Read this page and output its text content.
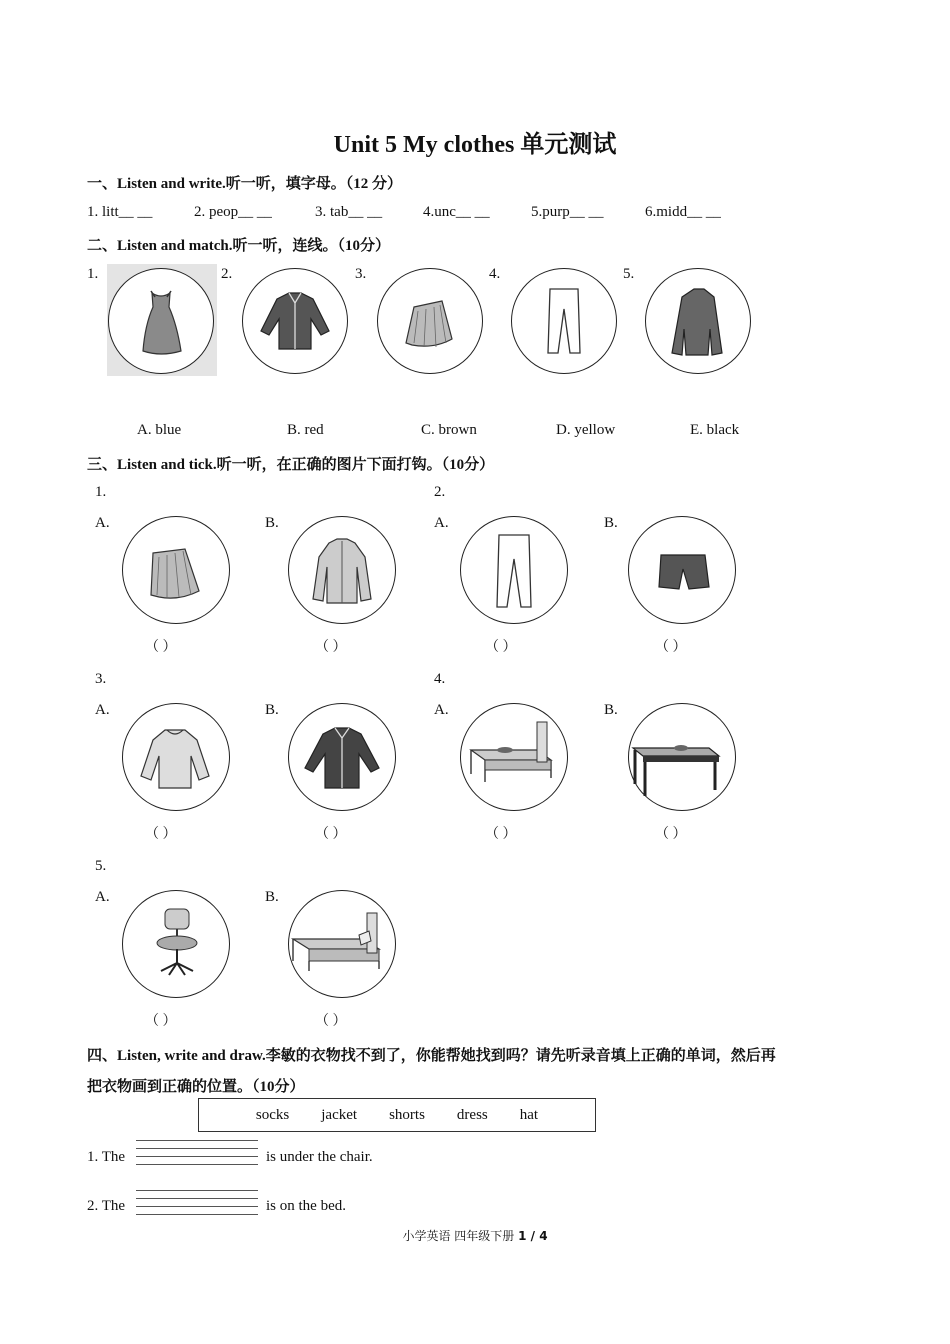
Unit 5 My clothes 单元测试
一、Listen and write.听一听，填字母。（12 分）
1. litt__ __	2. peop__ __	3. tab__ __	4.unc__ __	5.purp__ __	6.midd__ __
二、Listen and match.听一听，连线。（10分）
1.	2.	3.	4.	5.
A. blue	B. red	C. brown	D. yellow	E. black
三、Listen and tick.听一听，在正确的图片下面打钩。（10分）
1.
A.
（ ）
B.
（ ）
2.
A.
（ ）
B.
（ ）
3.
A.
（ ）
B.
（ ）
4.
A.
（ ）
B.
（ ）
5.
A.
（ ）
B.
（ ）
四、Listen, write and draw.李敏的衣物找不到了，你能帮她找到吗？请先听录音填上正确的单词，然后再
把衣物画到正确的位置。（10分）
socks	jacket	shorts	dress	hat
1. The	is under the chair.
2. The	is on the bed.
小学英语 四年级下册 1 / 4
